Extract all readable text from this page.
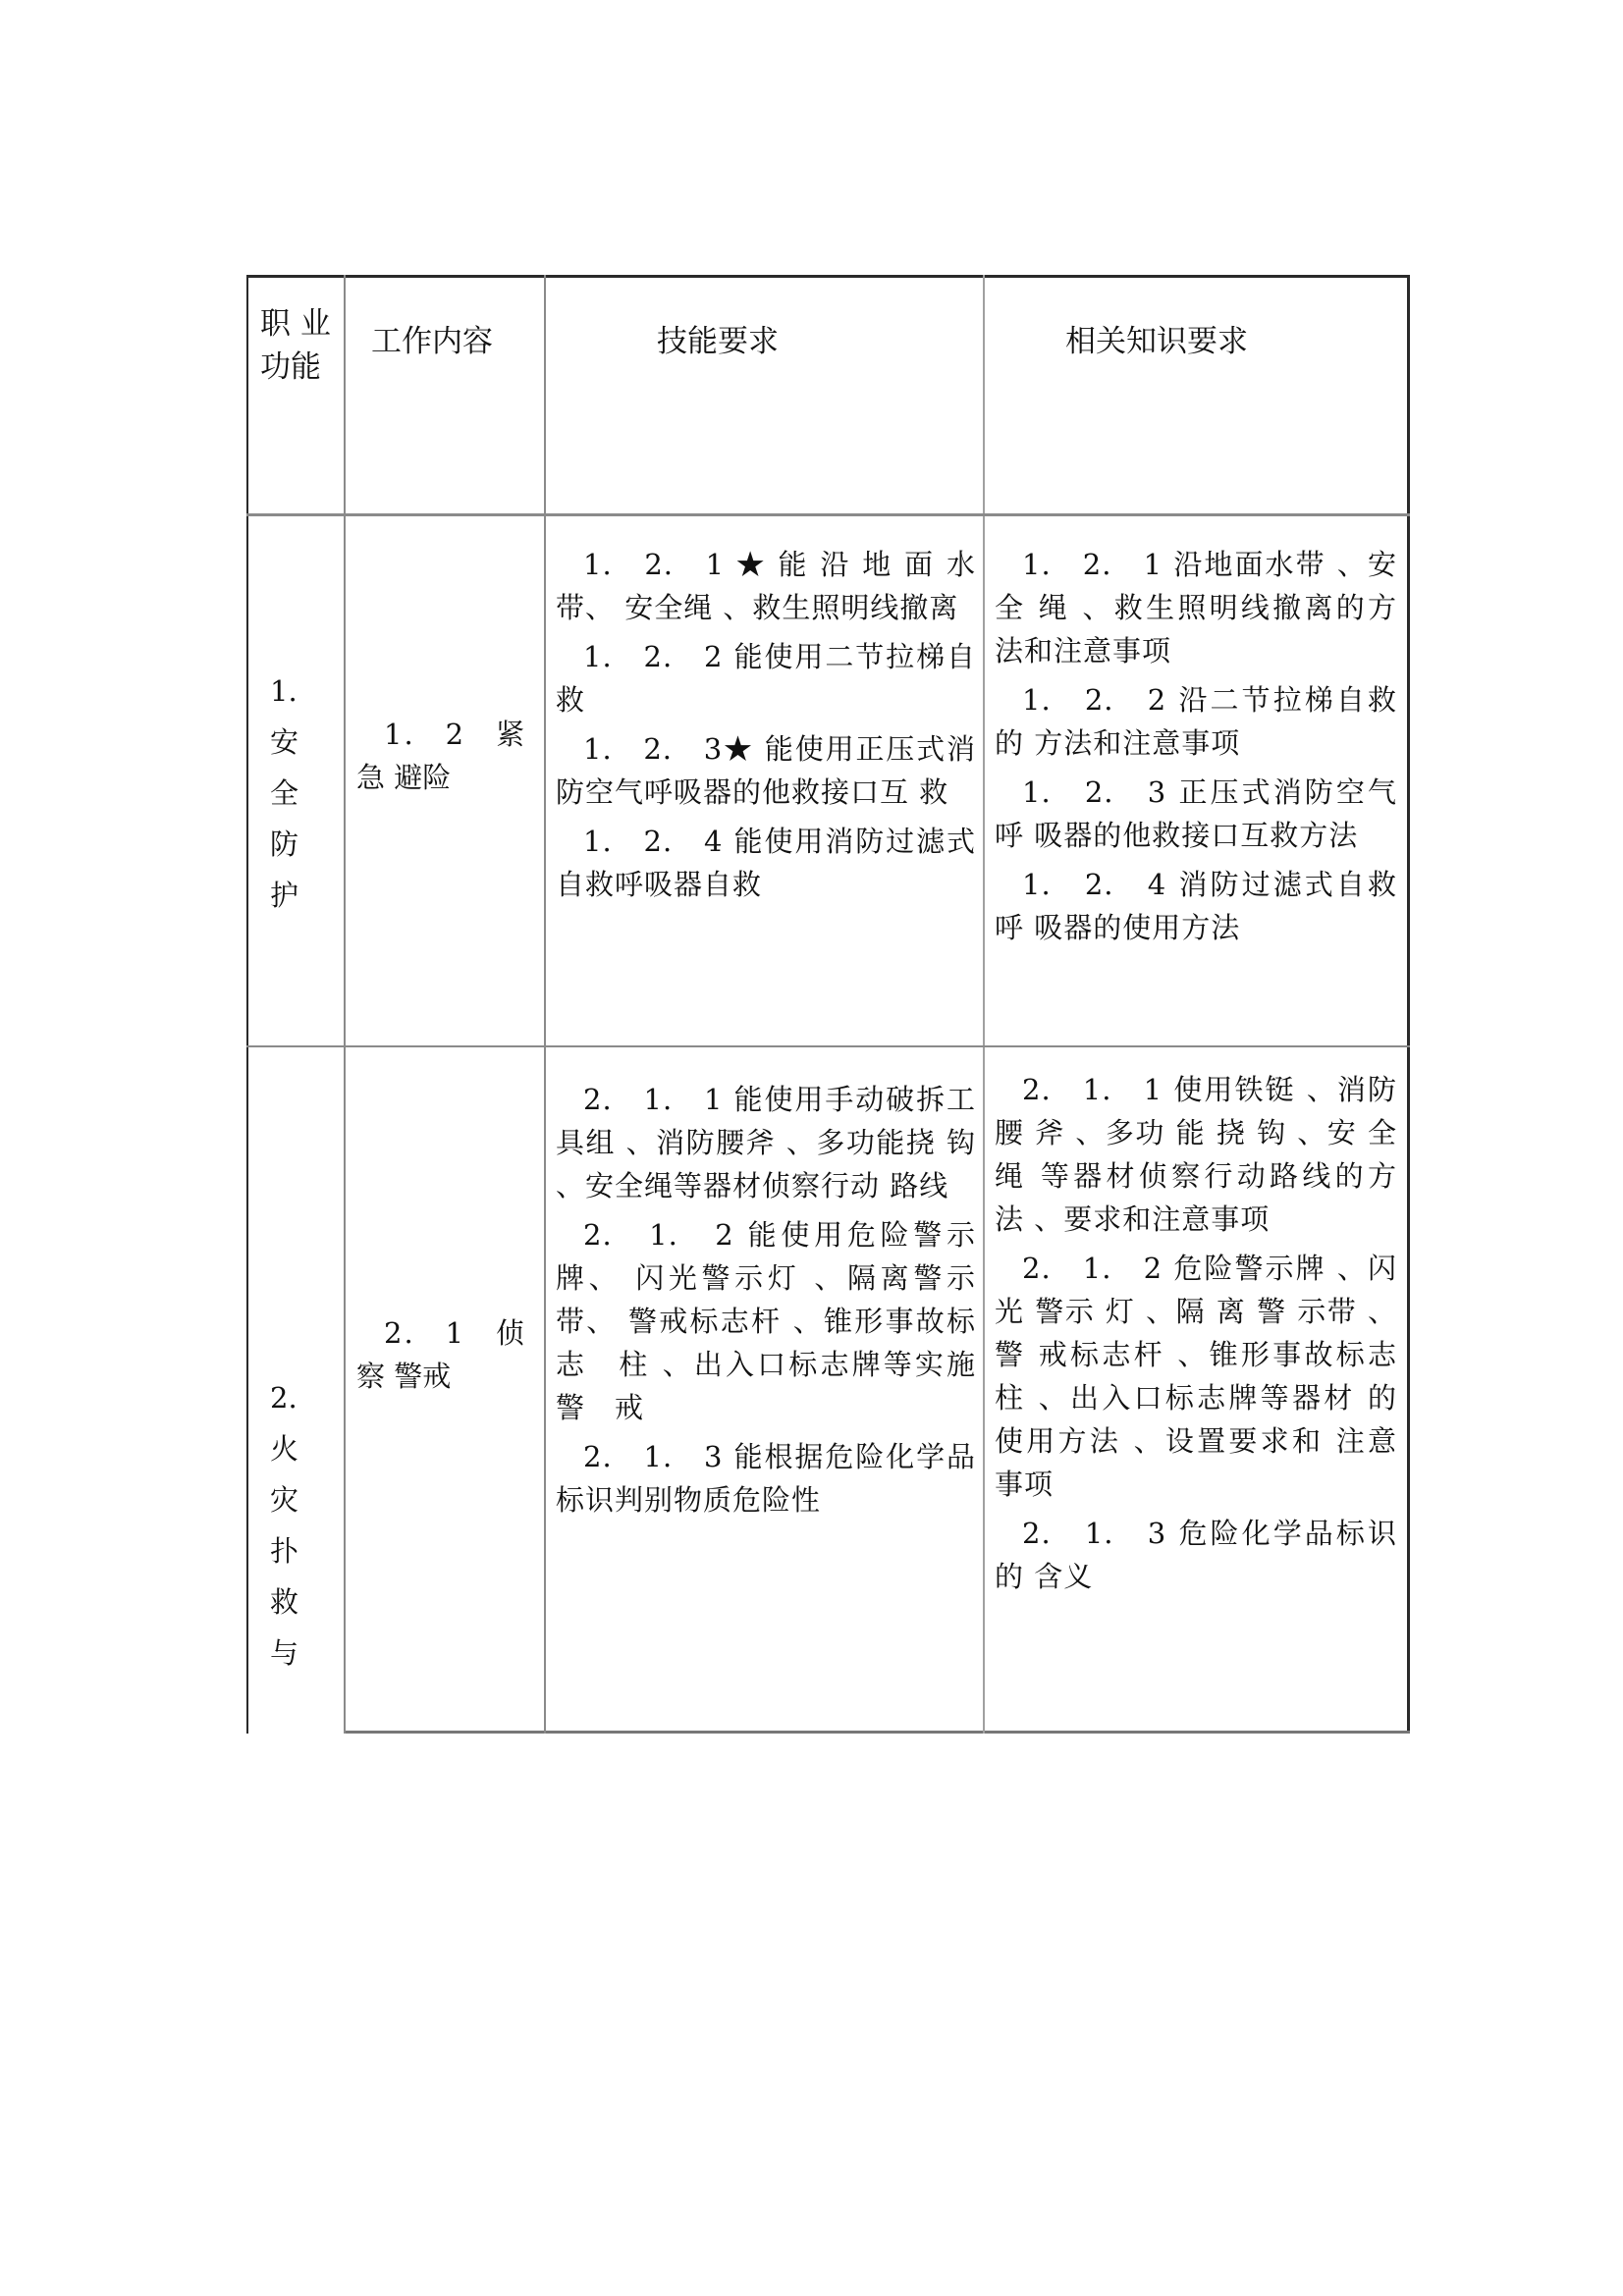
职 业
功能
工作内容	技能要求	相关知识要求
1.
安
全
防
护
1.　2　紧
急 避险

1.　2.　1 ★ 能 沿 地 面 水 带、 安全绳 、救生照明线撤离

1.　2.　2 能使用二节拉梯自 救

1.　2.　3★ 能使用正压式消 防空气呼吸器的他救接口互 救

1.　2.　4 能使用消防过滤式 自救呼吸器自救

1.　2.　1 沿地面水带 、安全 绳 、救生照明线撤离的方 法和注意事项

1.　2.　2 沿二节拉梯自救的 方法和注意事项

1.　2.　3 正压式消防空气呼 吸器的他救接口互救方法

1.　2.　4 消防过滤式自救呼 吸器的使用方法

2.
火
灾
扑
救
与
2.　1　侦
察 警戒

2.　1.　1 能使用手动破拆工 具组 、消防腰斧 、多功能挠 钩 、安全绳等器材侦察行动 路线

2.　1.　2 能使用危险警示牌、 闪光警示灯 、隔离警示带、 警戒标志杆 、锥形事故标志　柱 、出入口标志牌等实施警　戒

2.　1.　3 能根据危险化学品 标识判别物质危险性

2.　1.　1 使用铁铤 、消防腰 斧 、多功 能 挠 钩 、安 全 绳 等器材侦察行动路线的方 法 、要求和注意事项

2.　1.　2 危险警示牌 、闪光 警示 灯 、隔 离 警 示带 、警 戒标志杆 、锥形事故标志 柱 、出入口标志牌等器材 的使用方法 、设置要求和 注意事项

2.　1.　3 危险化学品标识的 含义
